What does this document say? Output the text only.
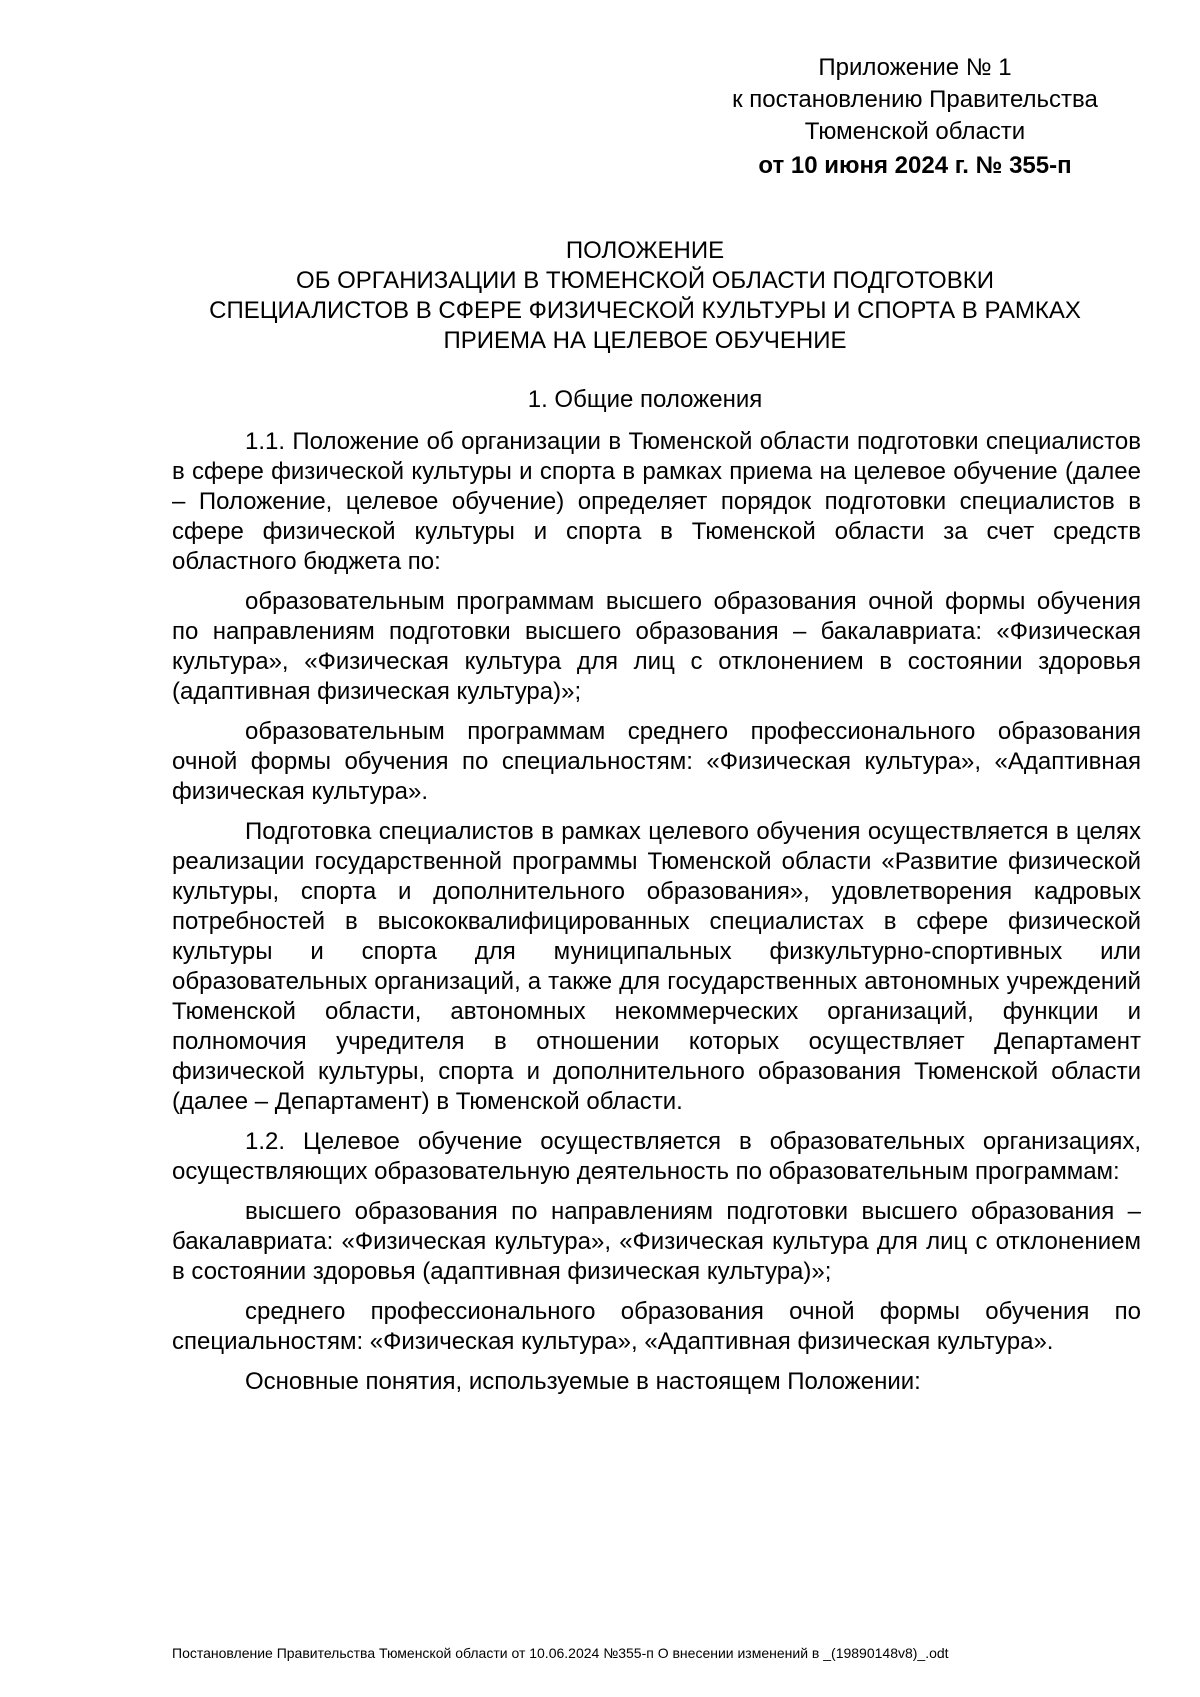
Приложение № 1
к постановлению Правительства
Тюменской области
от 10 июня 2024 г. № 355-п
ПОЛОЖЕНИЕ
ОБ ОРГАНИЗАЦИИ В ТЮМЕНСКОЙ ОБЛАСТИ ПОДГОТОВКИ
СПЕЦИАЛИСТОВ В СФЕРЕ ФИЗИЧЕСКОЙ КУЛЬТУРЫ И СПОРТА В РАМКАХ
ПРИЕМА НА ЦЕЛЕВОЕ ОБУЧЕНИЕ
1. Общие положения

1.1. Положение об организации в Тюменской области подготовки специалистов в сфере физической культуры и спорта в рамках приема на целевое обучение (далее – Положение, целевое обучение) определяет порядок подготовки специалистов в сфере физической культуры и спорта в Тюменской области за счет средств областного бюджета по:

образовательным программам высшего образования очной формы обучения по направлениям подготовки высшего образования – бакалавриата: «Физическая культура», «Физическая культура для лиц с отклонением в состоянии здоровья (адаптивная физическая культура)»;

образовательным программам среднего профессионального образования очной формы обучения по специальностям: «Физическая культура», «Адаптивная физическая культура».

Подготовка специалистов в рамках целевого обучения осуществляется в целях реализации государственной программы Тюменской области «Развитие физической культуры, спорта и дополнительного образования», удовлетворения кадровых потребностей в высококвалифицированных специалистах в сфере физической культуры и спорта для муниципальных физкультурно-спортивных или образовательных организаций, а также для государственных автономных учреждений Тюменской области, автономных некоммерческих организаций, функции и полномочия учредителя в отношении которых осуществляет Департамент физической культуры, спорта и дополнительного образования Тюменской области (далее – Департамент) в Тюменской области.

1.2. Целевое обучение осуществляется в образовательных организациях, осуществляющих образовательную деятельность по образовательным программам:

высшего образования по направлениям подготовки высшего образования – бакалавриата: «Физическая культура», «Физическая культура для лиц с отклонением в состоянии здоровья (адаптивная физическая культура)»;

среднего профессионального образования очной формы обучения по специальностям: «Физическая культура», «Адаптивная физическая культура».

Основные понятия, используемые в настоящем Положении:

Постановление Правительства Тюменской области от 10.06.2024 №355-п О внесении изменений в _(19890148v8)_.odt
